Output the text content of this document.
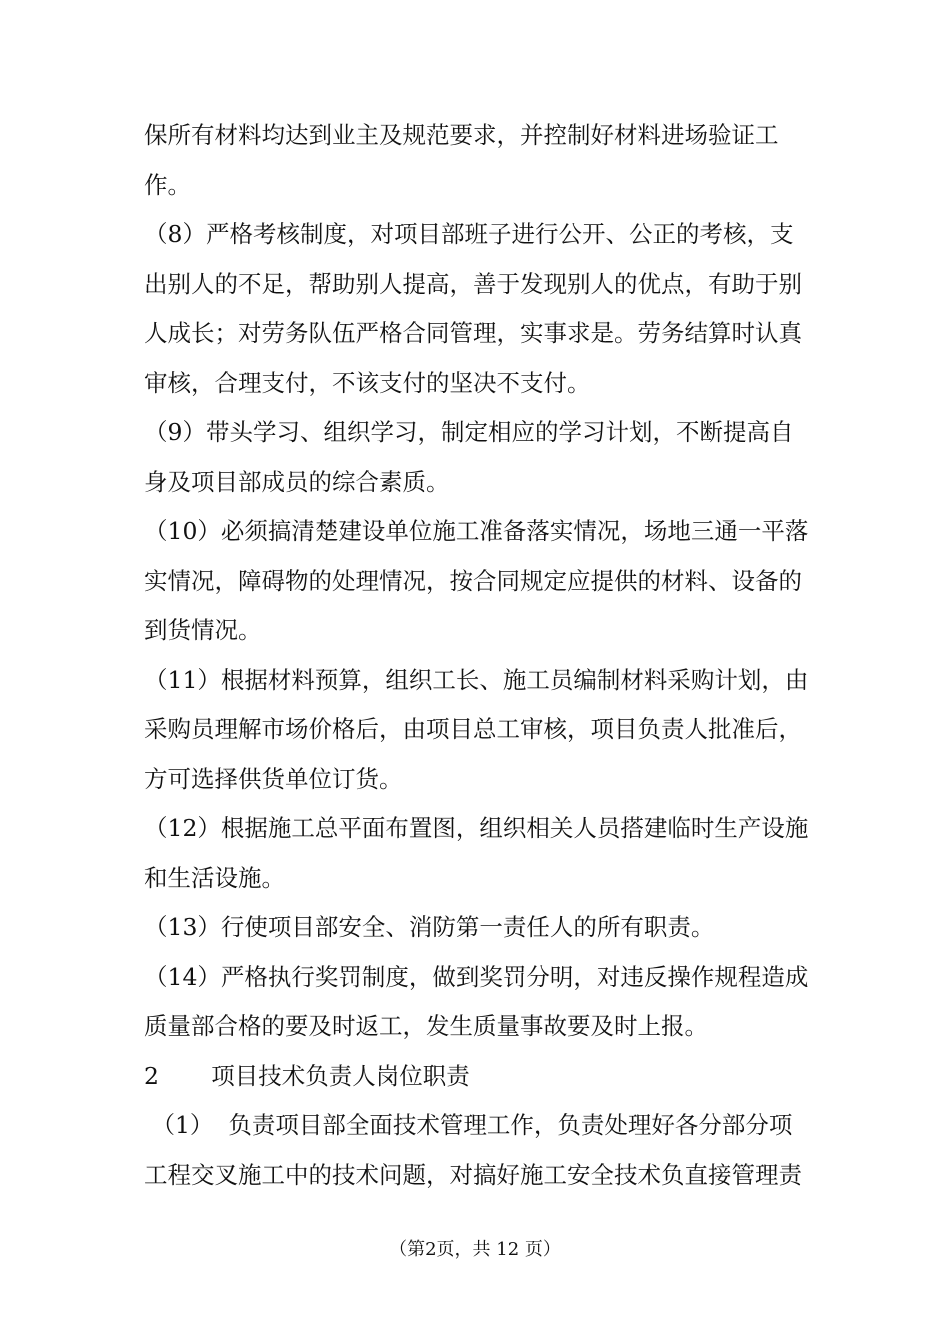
保所有材料均达到业主及规范要求，并控制好材料进场验证工
作。
（8）严格考核制度，对项目部班子进行公开、公正的考核，支
出别人的不足，帮助别人提高，善于发现别人的优点，有助于别
人成长；对劳务队伍严格合同管理，实事求是。劳务结算时认真
审核，合理支付，不该支付的坚决不支付。
（9）带头学习、组织学习，制定相应的学习计划，不断提高自
身及项目部成员的综合素质。
（10）必须搞清楚建设单位施工准备落实情况，场地三通一平落
实情况，障碍物的处理情况，按合同规定应提供的材料、设备的
到货情况。
（11）根据材料预算，组织工长、施工员编制材料采购计划，由
采购员理解市场价格后，由项目总工审核，项目负责人批准后，
方可选择供货单位订货。
（12）根据施工总平面布置图，组织相关人员搭建临时生产设施
和生活设施。
（13）行使项目部安全、消防第一责任人的所有职责。
（14）严格执行奖罚制度，做到奖罚分明，对违反操作规程造成
质量部合格的要及时返工，发生质量事故要及时上报。
2       项目技术负责人岗位职责
（1）  负责项目部全面技术管理工作，负责处理好各分部分项
工程交叉施工中的技术问题，对搞好施工安全技术负直接管理责
（第2页，共 12 页）
